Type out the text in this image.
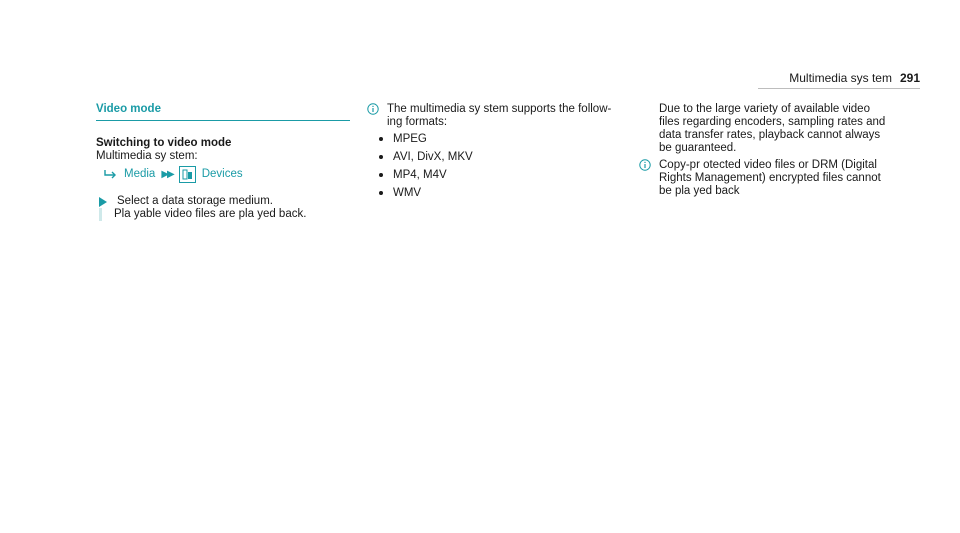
Multimedia sys tem 291
Video mode
Switching to video mode
Multimedia sy stem:
Media ▶▶	Devices
Select a data storage medium.
Pla yable video files are pla yed back.
The multimedia sy stem supports the follow‐ ing formats:
MPEG
AVI, DivX, MKV
MP4, M4V
WMV
Due to the large variety of available video files regarding encoders, sampling rates and data transfer rates, playback cannot always be guaranteed.
Copy-pr otected video files or DRM (Digital Rights Management) encrypted files cannot be pla yed back
